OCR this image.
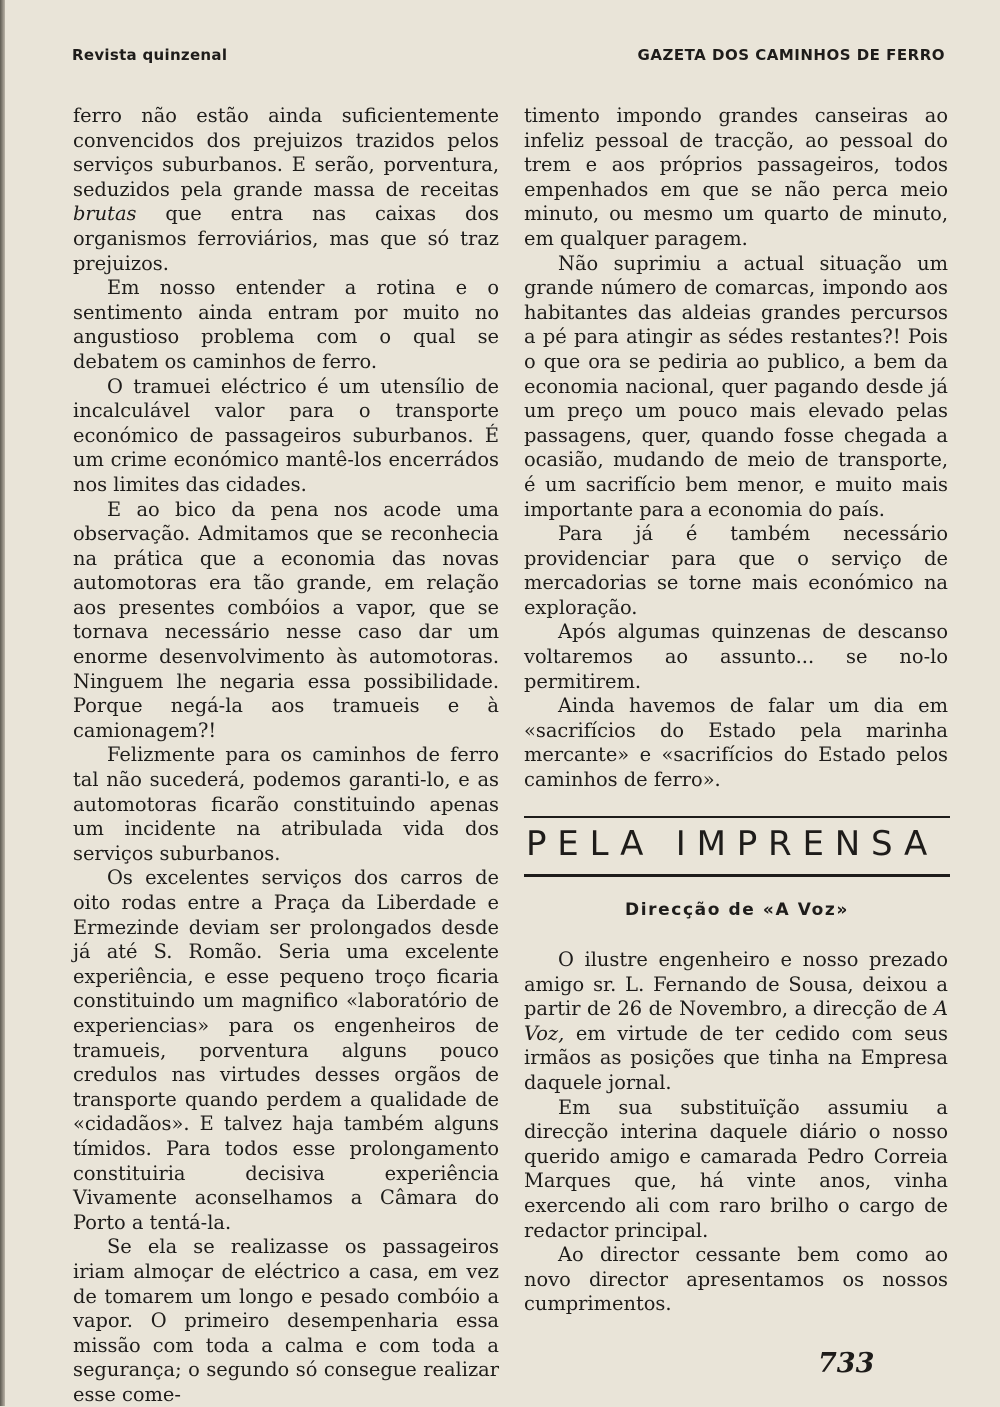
Revista quinzenal	GAZETA DOS CAMINHOS DE FERRO

ferro não estão ainda suficientemente convencidos dos prejuizos trazidos pelos serviços suburbanos. E serão, porventura, seduzidos pela grande massa de receitas brutas que entra nas caixas dos organismos ferroviários, mas que só traz prejuizos.

Em nosso entender a rotina e o sentimento ainda entram por muito no angustioso problema com o qual se debatem os caminhos de ferro.

O tramuei eléctrico é um utensílio de incalculável valor para o transporte económico de passageiros suburbanos. É um crime económico mantê-los encerrádos nos limites das cidades.

E ao bico da pena nos acode uma observação. Admitamos que se reconhecia na prática que a economia das novas automotoras era tão grande, em relação aos presentes combóios a vapor, que se tornava necessário nesse caso dar um enorme desenvolvimento às automotoras. Ninguem lhe negaria essa possibilidade. Porque negá-la aos tramueis e à camionagem?!

Felizmente para os caminhos de ferro tal não sucederá, podemos garanti-lo, e as automotoras ficarão constituindo apenas um incidente na atribulada vida dos serviços suburbanos.

Os excelentes serviços dos carros de oito rodas entre a Praça da Liberdade e Ermezinde deviam ser prolongados desde já até S. Romão. Seria uma excelente experiência, e esse pequeno troço ficaria constituindo um magnifico «laboratório de experiencias» para os engenheiros de tramueis, porventura alguns pouco credulos nas virtudes desses orgãos de transporte quando perdem a qualidade de «cidadãos». E talvez haja também alguns tímidos. Para todos esse prolongamento constituiria decisiva experiência Vivamente aconselhamos a Câmara do Porto a tentá-la.

Se ela se realizasse os passageiros iriam almoçar de eléctrico a casa, em vez de tomarem um longo e pesado combóio a vapor. O primeiro desempenharia essa missão com toda a calma e com toda a segurança; o segundo só consegue realizar esse come-

timento impondo grandes canseiras ao infeliz pessoal de tracção, ao pessoal do trem e aos próprios passageiros, todos empenhados em que se não perca meio minuto, ou mesmo um quarto de minuto, em qualquer paragem.

Não suprimiu a actual situação um grande número de comarcas, impondo aos habitantes das aldeias grandes percursos a pé para atingir as sédes restantes?! Pois o que ora se pediria ao publico, a bem da economia nacional, quer pagando desde já um preço um pouco mais elevado pelas passagens, quer, quando fosse chegada a ocasião, mudando de meio de transporte, é um sacrifício bem menor, e muito mais importante para a economia do país.

Para já é também necessário providenciar para que o serviço de mercadorias se torne mais económico na exploração.

Após algumas quinzenas de descanso voltaremos ao assunto... se no-lo permitirem.

Ainda havemos de falar um dia em «sacrifícios do Estado pela marinha mercante» e «sacrifícios do Estado pelos caminhos de ferro».

PELA IMPRENSA
Direcção de «A Voz»

O ilustre engenheiro e nosso prezado amigo sr. L. Fernando de Sousa, deixou a partir de 26 de Novembro, a direcção de A Voz, em virtude de ter cedido com seus irmãos as posições que tinha na Empresa daquele jornal.

Em sua substituïção assumiu a direcção interina daquele diário o nosso querido amigo e camarada Pedro Correia Marques que, há vinte anos, vinha exercendo ali com raro brilho o cargo de redactor principal.

Ao director cessante bem como ao novo director apresentamos os nossos cumprimentos.

733
